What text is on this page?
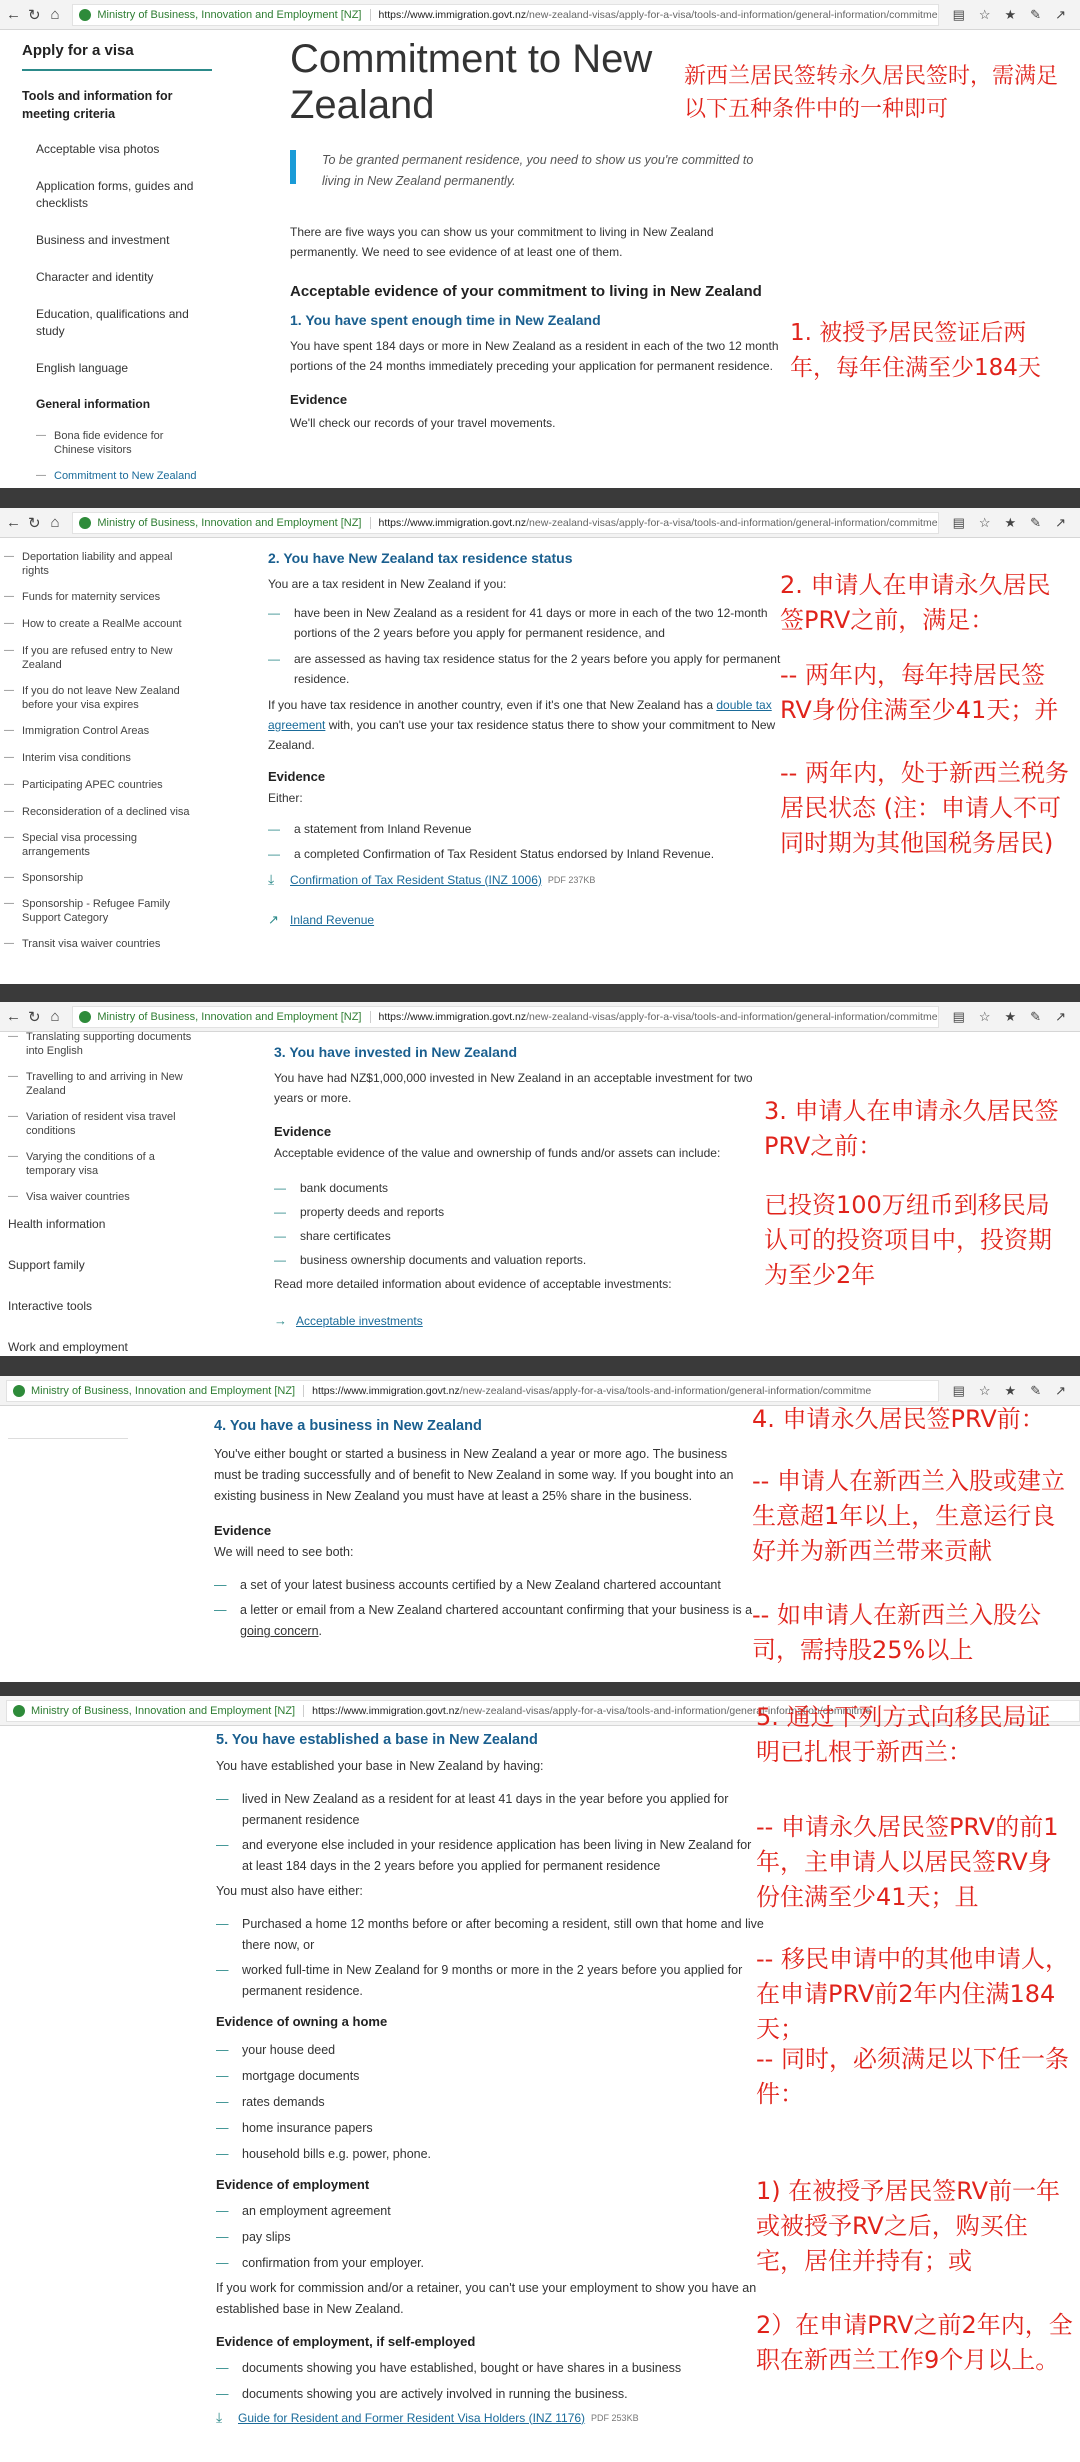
← ↻ ⌂	Ministry of Business, Innovation and Employment [NZ]	https://www.immigration.govt.nz/new-zealand-visas/apply-for-a-visa/tools-and-information/general-information/commitme ▤ ☆ ★ ✎ ↗
Apply for a visa
Tools and information for meeting criteria
Acceptable visa photos
Application forms, guides and checklists
Business and investment
Character and identity
Education, qualifications and study
English language
General information
— Bona fide evidence for Chinese visitors
— Commitment to New Zealand
Commitment to New Zealand
To be granted permanent residence, you need to show us you're committed to living in New Zealand permanently.
There are five ways you can show us your commitment to living in New Zealand permanently. We need to see evidence of at least one of them.
Acceptable evidence of your commitment to living in New Zealand
1. You have spent enough time in New Zealand
You have spent 184 days or more in New Zealand as a resident in each of the two 12 month portions of the 24 months immediately preceding your application for permanent residence.
Evidence
We'll check our records of your travel movements.
新西兰居民签转永久居民签时，需满足以下五种条件中的一种即可
1. 被授予居民签证后两年，每年住满至少184天
← ↻ ⌂	Ministry of Business, Innovation and Employment [NZ]	https://www.immigration.govt.nz/new-zealand-visas/apply-for-a-visa/tools-and-information/general-information/commitme ▤ ☆ ★ ✎ ↗
— Deportation liability and appeal rights
— Funds for maternity services
— How to create a RealMe account
— If you are refused entry to New Zealand
— If you do not leave New Zealand before your visa expires
— Immigration Control Areas
— Interim visa conditions
— Participating APEC countries
— Reconsideration of a declined visa
— Special visa processing arrangements
— Sponsorship
— Sponsorship - Refugee Family Support Category
— Transit visa waiver countries
2. You have New Zealand tax residence status
You are a tax resident in New Zealand if you:
— have been in New Zealand as a resident for 41 days or more in each of the two 12-month portions of the 2 years before you apply for permanent residence, and
— are assessed as having tax residence status for the 2 years before you apply for permanent residence.
If you have tax residence in another country, even if it's one that New Zealand has a double tax agreement with, you can't use your tax residence status there to show your commitment to New Zealand.
Evidence
Either:
— a statement from Inland Revenue
— a completed Confirmation of Tax Resident Status endorsed by Inland Revenue.
⤓	Confirmation of Tax Resident Status (INZ 1006) PDF 237KB
↗ Inland Revenue
2. 申请人在申请永久居民签PRV之前，满足：
-- 两年内，每年持居民签RV身份住满至少41天；并
-- 两年内，处于新西兰税务居民状态 (注：申请人不可同时期为其他国税务居民)
← ↻ ⌂	Ministry of Business, Innovation and Employment [NZ]	https://www.immigration.govt.nz/new-zealand-visas/apply-for-a-visa/tools-and-information/general-information/commitme ▤ ☆ ★ ✎ ↗
— Translating supporting documents into English
— Travelling to and arriving in New Zealand
— Variation of resident visa travel conditions
— Varying the conditions of a temporary visa
— Visa waiver countries
Health information
Support family
Interactive tools
Work and employment
3. You have invested in New Zealand
You have had NZ$1,000,000 invested in New Zealand in an acceptable investment for two years or more.
Evidence
Acceptable evidence of the value and ownership of funds and/or assets can include:
— bank documents
— property deeds and reports
— share certificates
— business ownership documents and valuation reports.
Read more detailed information about evidence of acceptable investments:
→ Acceptable investments
3. 申请人在申请永久居民签PRV之前：
已投资100万纽币到移民局认可的投资项目中，投资期为至少2年
Ministry of Business, Innovation and Employment [NZ]	https://www.immigration.govt.nz/new-zealand-visas/apply-for-a-visa/tools-and-information/general-information/commitme	▤ ☆ ★ ✎ ↗
4. You have a business in New Zealand
You've either bought or started a business in New Zealand a year or more ago. The business must be trading successfully and of benefit to New Zealand in some way. If you bought into an existing business in New Zealand you must have at least a 25% share in the business.
Evidence
We will need to see both:
— a set of your latest business accounts certified by a New Zealand chartered accountant
— a letter or email from a New Zealand chartered accountant confirming that your business is a going concern.
4. 申请永久居民签PRV前：
-- 申请人在新西兰入股或建立生意超1年以上，生意运行良好并为新西兰带来贡献
-- 如申请人在新西兰入股公司，需持股25%以上
Ministry of Business, Innovation and Employment [NZ]	https://www.immigration.govt.nz/new-zealand-visas/apply-for-a-visa/tools-and-information/general-information/commitme
5. You have established a base in New Zealand
You have established your base in New Zealand by having:
— lived in New Zealand as a resident for at least 41 days in the year before you applied for permanent residence
— and everyone else included in your residence application has been living in New Zealand for at least 184 days in the 2 years before you applied for permanent residence
You must also have either:
— Purchased a home 12 months before or after becoming a resident, still own that home and live there now, or
— worked full-time in New Zealand for 9 months or more in the 2 years before you applied for permanent residence.
Evidence of owning a home
— your house deed
— mortgage documents
— rates demands
— home insurance papers
— household bills e.g. power, phone.
Evidence of employment
— an employment agreement
— pay slips
— confirmation from your employer.
If you work for commission and/or a retainer, you can't use your employment to show you have an established base in New Zealand.
Evidence of employment, if self-employed
— documents showing you have established, bought or have shares in a business
— documents showing you are actively involved in running the business.
⤓	Guide for Resident and Former Resident Visa Holders (INZ 1176) PDF 253KB
5. 通过下列方式向移民局证明已扎根于新西兰：
-- 申请永久居民签PRV的前1年，主申请人以居民签RV身份住满至少41天；且
-- 移民申请中的其他申请人，在申请PRV前2年内住满184天；
-- 同时，必须满足以下任一条件：
1) 在被授予居民签RV前一年或被授予RV之后，购买住宅，居住并持有；或
2）在申请PRV之前2年内，全职在新西兰工作9个月以上。
